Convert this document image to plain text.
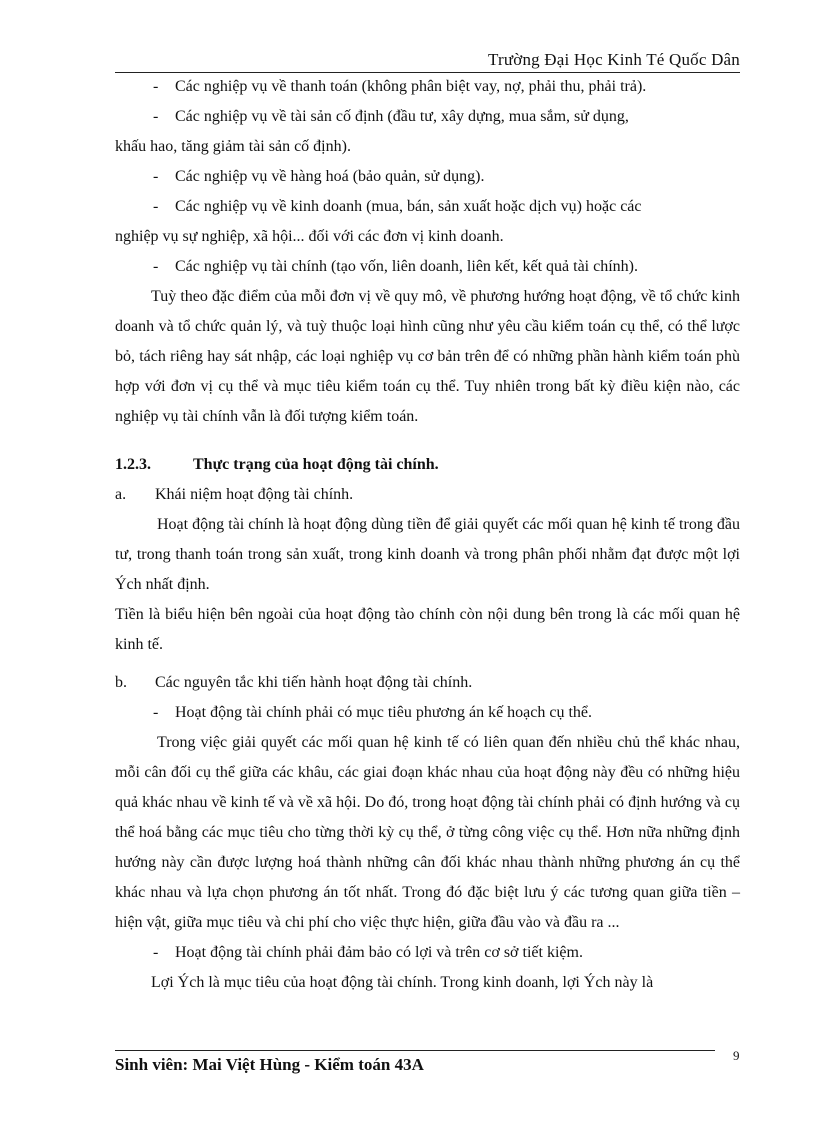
Trường Đại Học Kinh Té Quốc Dân

- Các nghiệp vụ về thanh toán (không phân biệt vay, nợ, phải thu, phải trả).

- Các nghiệp vụ về tài sản cố định (đầu tư, xây dựng, mua sắm, sử dụng,

khấu hao, tăng giảm tài sản cố định).

- Các nghiệp vụ về hàng hoá (bảo quản, sử dụng).

- Các nghiệp vụ về kinh doanh (mua, bán, sản xuất hoặc dịch vụ) hoặc các

nghiệp vụ sự nghiệp, xã hội... đối với các đơn vị kinh doanh.

- Các nghiệp vụ tài chính (tạo vốn, liên doanh, liên kết, kết quả tài chính).

Tuỳ theo đặc điểm của mỗi đơn vị về quy mô, về phương hướng hoạt động, về tổ chức kinh doanh và tổ chức quản lý, và tuỳ thuộc loại hình cũng như yêu cầu kiểm toán cụ thể, có thể lược bỏ, tách riêng hay sát nhập, các loại nghiệp vụ cơ bản trên để có những phần hành kiểm toán phù hợp với đơn vị cụ thể và mục tiêu kiểm toán cụ thể. Tuy nhiên trong bất kỳ điều kiện nào, các nghiệp vụ tài chính vẫn là đối tượng kiểm toán.

1.2.3.	Thực trạng của hoạt động tài chính.

a. Khái niệm hoạt động tài chính.

Hoạt động tài chính là hoạt động dùng tiền để giải quyết các mối quan hệ kinh tế trong đầu tư, trong thanh toán trong sản xuất, trong kinh doanh và trong phân phối nhằm đạt được một lợi Ých nhất định.

Tiền là biểu hiện bên ngoài của hoạt động tào chính còn nội dung bên trong là các mối quan hệ kinh tế.

b. Các nguyên tắc khi tiến hành hoạt động tài chính.

- Hoạt động tài chính phải có mục tiêu phương án kế hoạch cụ thể.

Trong việc giải quyết các mối quan hệ kinh tế có liên quan đến nhiều chủ thể khác nhau, mỗi cân đối cụ thể giữa các khâu, các giai đoạn khác nhau của hoạt động này đều có những hiệu quả khác nhau về kinh tế và về xã hội. Do đó, trong hoạt động tài chính phải có định hướng và cụ thể hoá bằng các mục tiêu cho từng thời kỳ cụ thể, ở từng công việc cụ thể. Hơn nữa những định hướng này cần được lượng hoá thành những cân đối khác nhau thành những phương án cụ thể khác nhau và lựa chọn phương án tốt nhất. Trong đó đặc biệt lưu ý các tương quan giữa tiền – hiện vật, giữa mục tiêu và chi phí cho việc thực hiện, giữa đầu vào và đầu ra ...

- Hoạt động tài chính phải đảm bảo có lợi và trên cơ sở tiết kiệm.

Lợi Ých là mục tiêu của hoạt động tài chính. Trong kinh doanh, lợi Ých này là

Sinh viên: Mai Việt Hùng - Kiểm toán 43A	9
